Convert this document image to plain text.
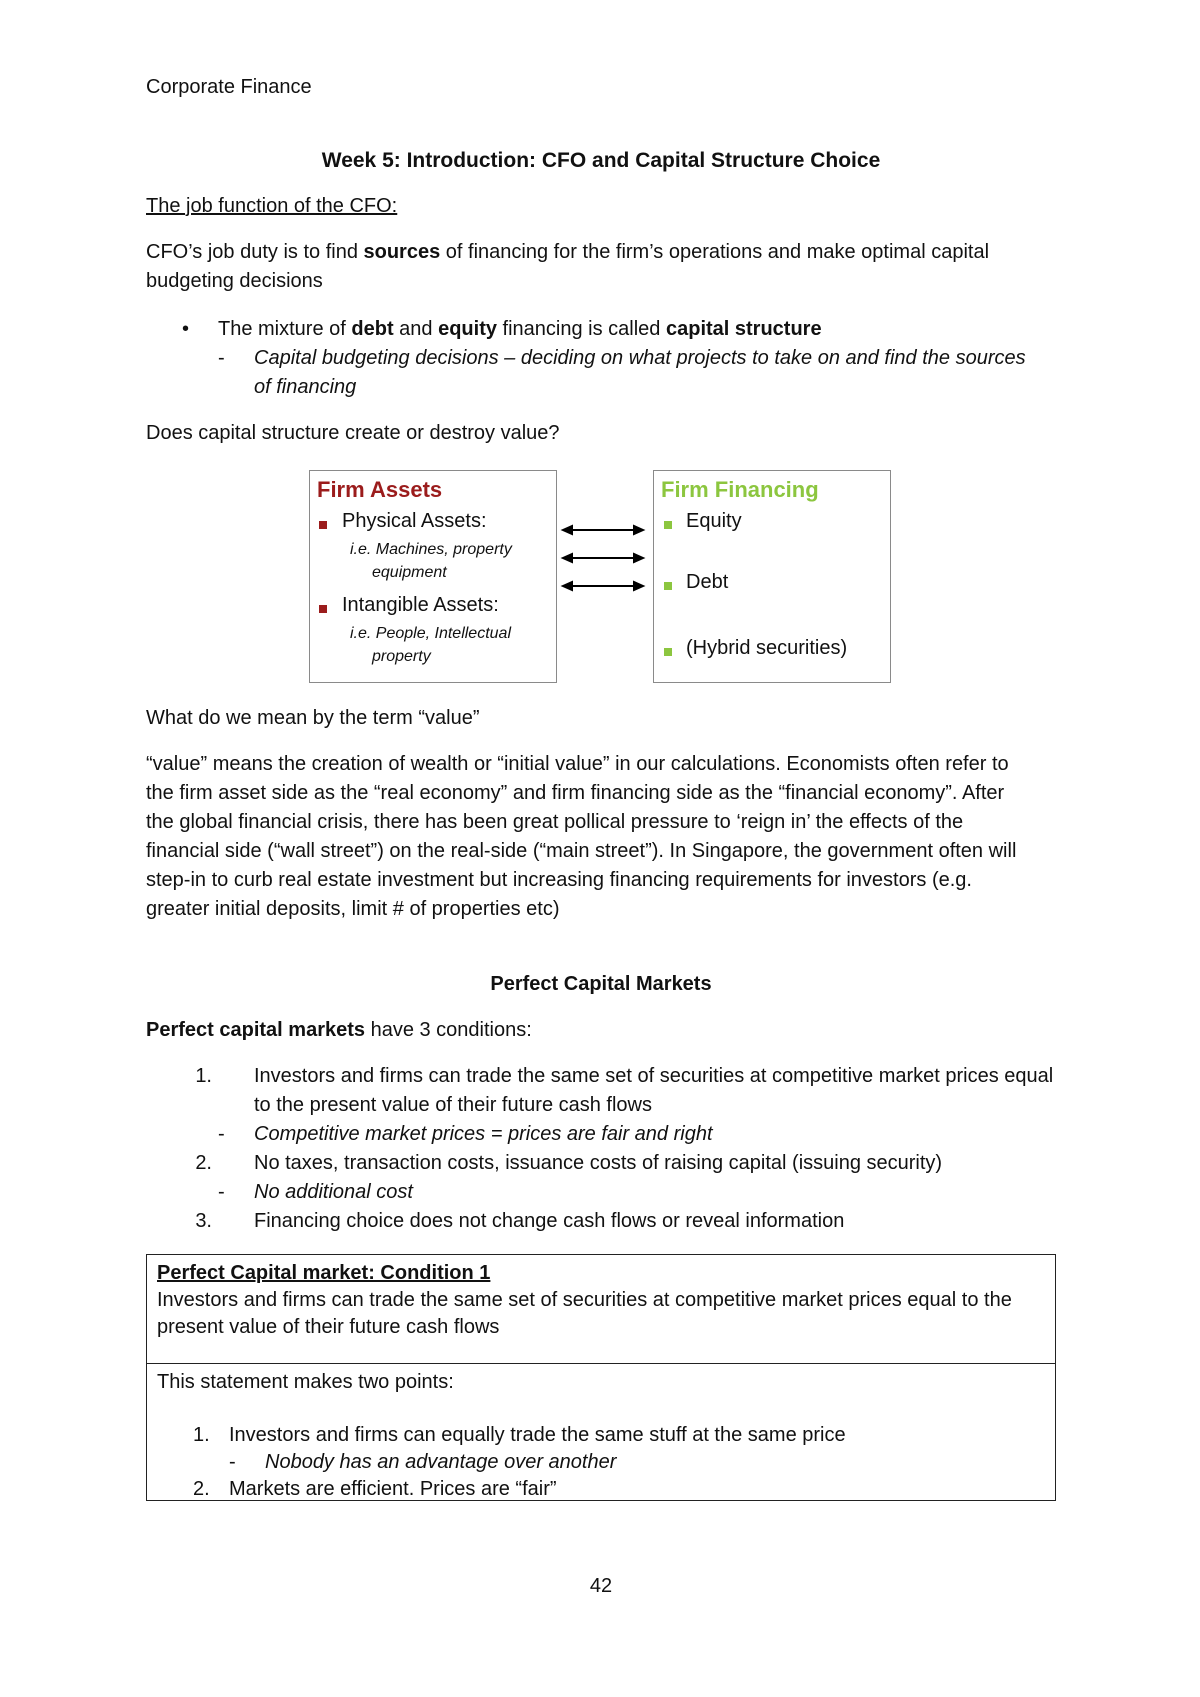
Corporate Finance
Week 5: Introduction: CFO and Capital Structure Choice
The job function of the CFO:
CFO’s job duty is to find sources of financing for the firm’s operations and make optimal capital
budgeting decisions
• The mixture of debt and equity financing is called capital structure
- Capital budgeting decisions – deciding on what projects to take on and find the sources
of financing
Does capital structure create or destroy value?
Firm Assets
Physical Assets:
i.e. Machines, property
equipment
Intangible Assets:
i.e. People, Intellectual
property
Firm Financing
Equity
Debt
(Hybrid securities)
What do we mean by the term “value”
“value” means the creation of wealth or “initial value” in our calculations. Economists often refer to
the firm asset side as the “real economy” and firm financing side as the “financial economy”. After
the global financial crisis, there has been great pollical pressure to ‘reign in’ the effects of the
financial side (“wall street”) on the real-side (“main street”). In Singapore, the government often will
step-in to curb real estate investment but increasing financing requirements for investors (e.g.
greater initial deposits, limit # of properties etc)
Perfect Capital Markets
Perfect capital markets have 3 conditions:
1. Investors and firms can trade the same set of securities at competitive market prices equal
to the present value of their future cash flows
- Competitive market prices = prices are fair and right
2. No taxes, transaction costs, issuance costs of raising capital (issuing security)
- No additional cost
3. Financing choice does not change cash flows or reveal information
Perfect Capital market: Condition 1
Investors and firms can trade the same set of securities at competitive market prices equal to the
present value of their future cash flows
This statement makes two points:
1. Investors and firms can equally trade the same stuff at the same price
- Nobody has an advantage over another
2. Markets are efficient. Prices are “fair”
42
